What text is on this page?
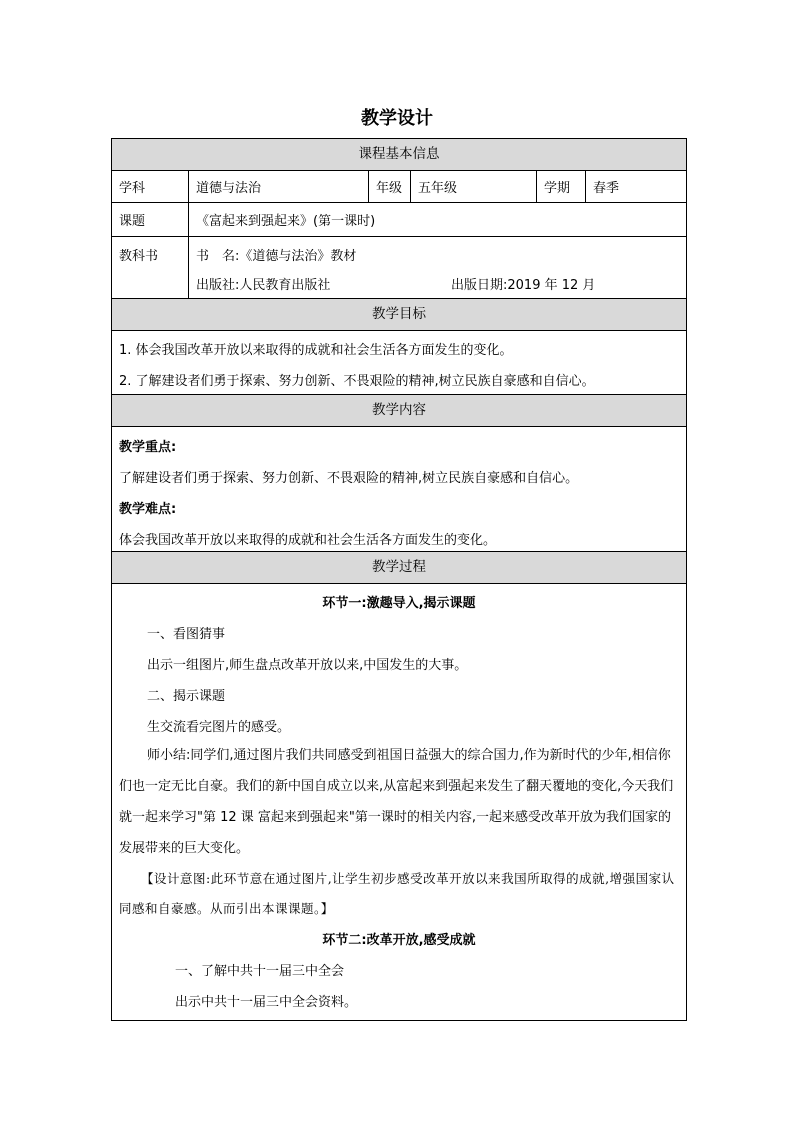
教学设计
课程基本信息
学科	道德与法治	年级	五年级	学期	春季
课题	《富起来到强起来》(第一课时)
教科书	书　名:《道德与法治》教材
出版社:人民教育出版社	出版日期:2019 年 12 月
教学目标
1. 体会我国改革开放以来取得的成就和社会生活各方面发生的变化。
2. 了解建设者们勇于探索、努力创新、不畏艰险的精神,树立民族自豪感和自信心。
教学内容
教学重点:
了解建设者们勇于探索、努力创新、不畏艰险的精神,树立民族自豪感和自信心。
教学难点:
体会我国改革开放以来取得的成就和社会生活各方面发生的变化。
教学过程
环节一:激趣导入,揭示课题
一、看图猜事
出示一组图片,师生盘点改革开放以来,中国发生的大事。
二、揭示课题
生交流看完图片的感受。
师小结:同学们,通过图片我们共同感受到祖国日益强大的综合国力,作为新时代的少年,相信你们也一定无比自豪。我们的新中国自成立以来,从富起来到强起来发生了翻天覆地的变化,今天我们就一起来学习"第 12 课 富起来到强起来"第一课时的相关内容,一起来感受改革开放为我们国家的发展带来的巨大变化。
【设计意图:此环节意在通过图片,让学生初步感受改革开放以来我国所取得的成就,增强国家认同感和自豪感。从而引出本课课题。】
环节二:改革开放,感受成就
一、了解中共十一届三中全会
出示中共十一届三中全会资料。
